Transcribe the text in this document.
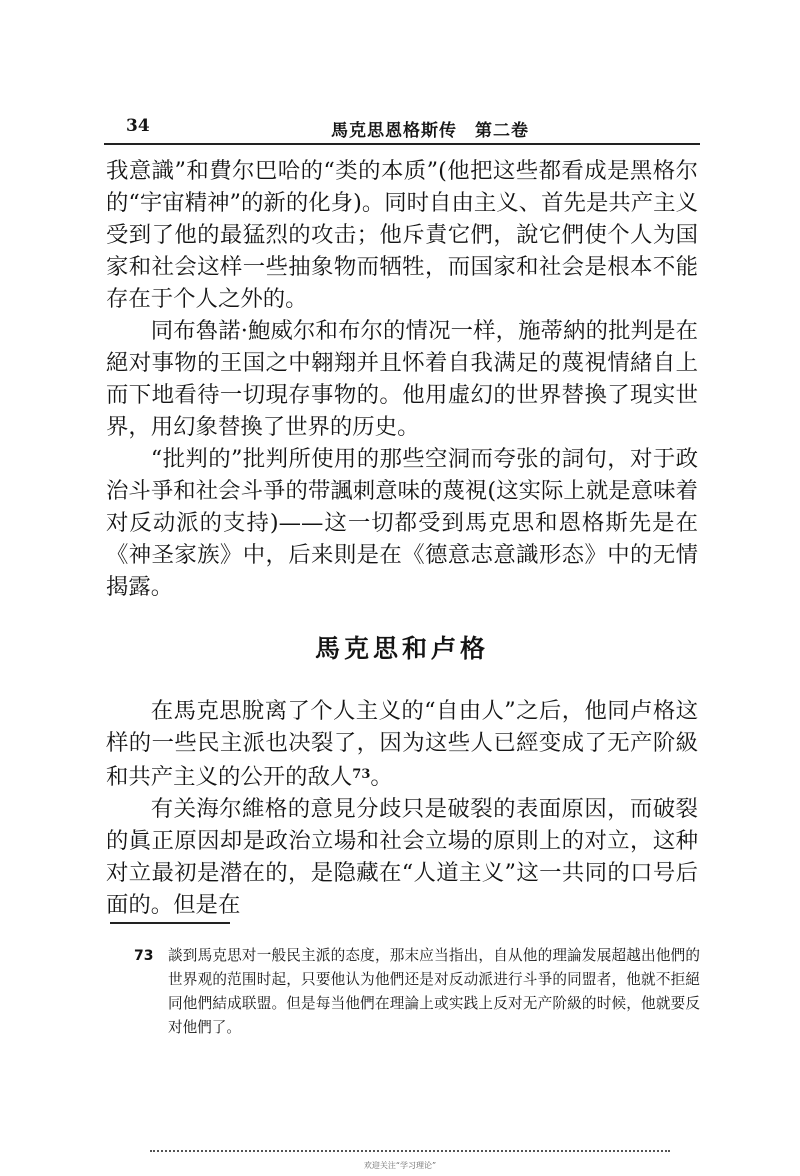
34	馬克思恩格斯传　第二卷

我意識”和費尔巴哈的“类的本质”(他把这些都看成是黑格尔的“宇宙精神”的新的化身)。同时自由主义、首先是共产主义受到了他的最猛烈的攻击；他斥責它們，說它們使个人为国家和社会这样一些抽象物而牺牲，而国家和社会是根本不能存在于个人之外的。

同布魯諾·鮑威尔和布尔的情况一样，施蒂納的批判是在絕对事物的王国之中翱翔并且怀着自我满足的蔑視情緒自上而下地看待一切現存事物的。他用虛幻的世界替換了現实世界，用幻象替換了世界的历史。

“批判的”批判所使用的那些空洞而夸张的詞句，对于政治斗爭和社会斗爭的带諷刺意味的蔑視(这实际上就是意味着对反动派的支持)——这一切都受到馬克思和恩格斯先是在《神圣家族》中，后来則是在《德意志意識形态》中的无情揭露。

馬克思和卢格

在馬克思脫离了个人主义的“自由人”之后，他同卢格这样的一些民主派也决裂了，因为这些人已經变成了无产阶級和共产主义的公开的敌人$^{73}$。

有关海尔維格的意見分歧只是破裂的表面原因，而破裂的眞正原因却是政治立場和社会立場的原則上的对立，这种对立最初是潜在的，是隐藏在“人道主义”这一共同的口号后面的。但是在

73 談到馬克思对一般民主派的态度，那末应当指出，自从他的理論发展超越出他們的世界观的范围时起，只要他认为他們还是对反动派进行斗爭的同盟者，他就不拒絕同他們結成联盟。但是每当他們在理論上或实践上反对无产阶級的时候，他就要反对他們了。
欢迎关注“学习理论”
